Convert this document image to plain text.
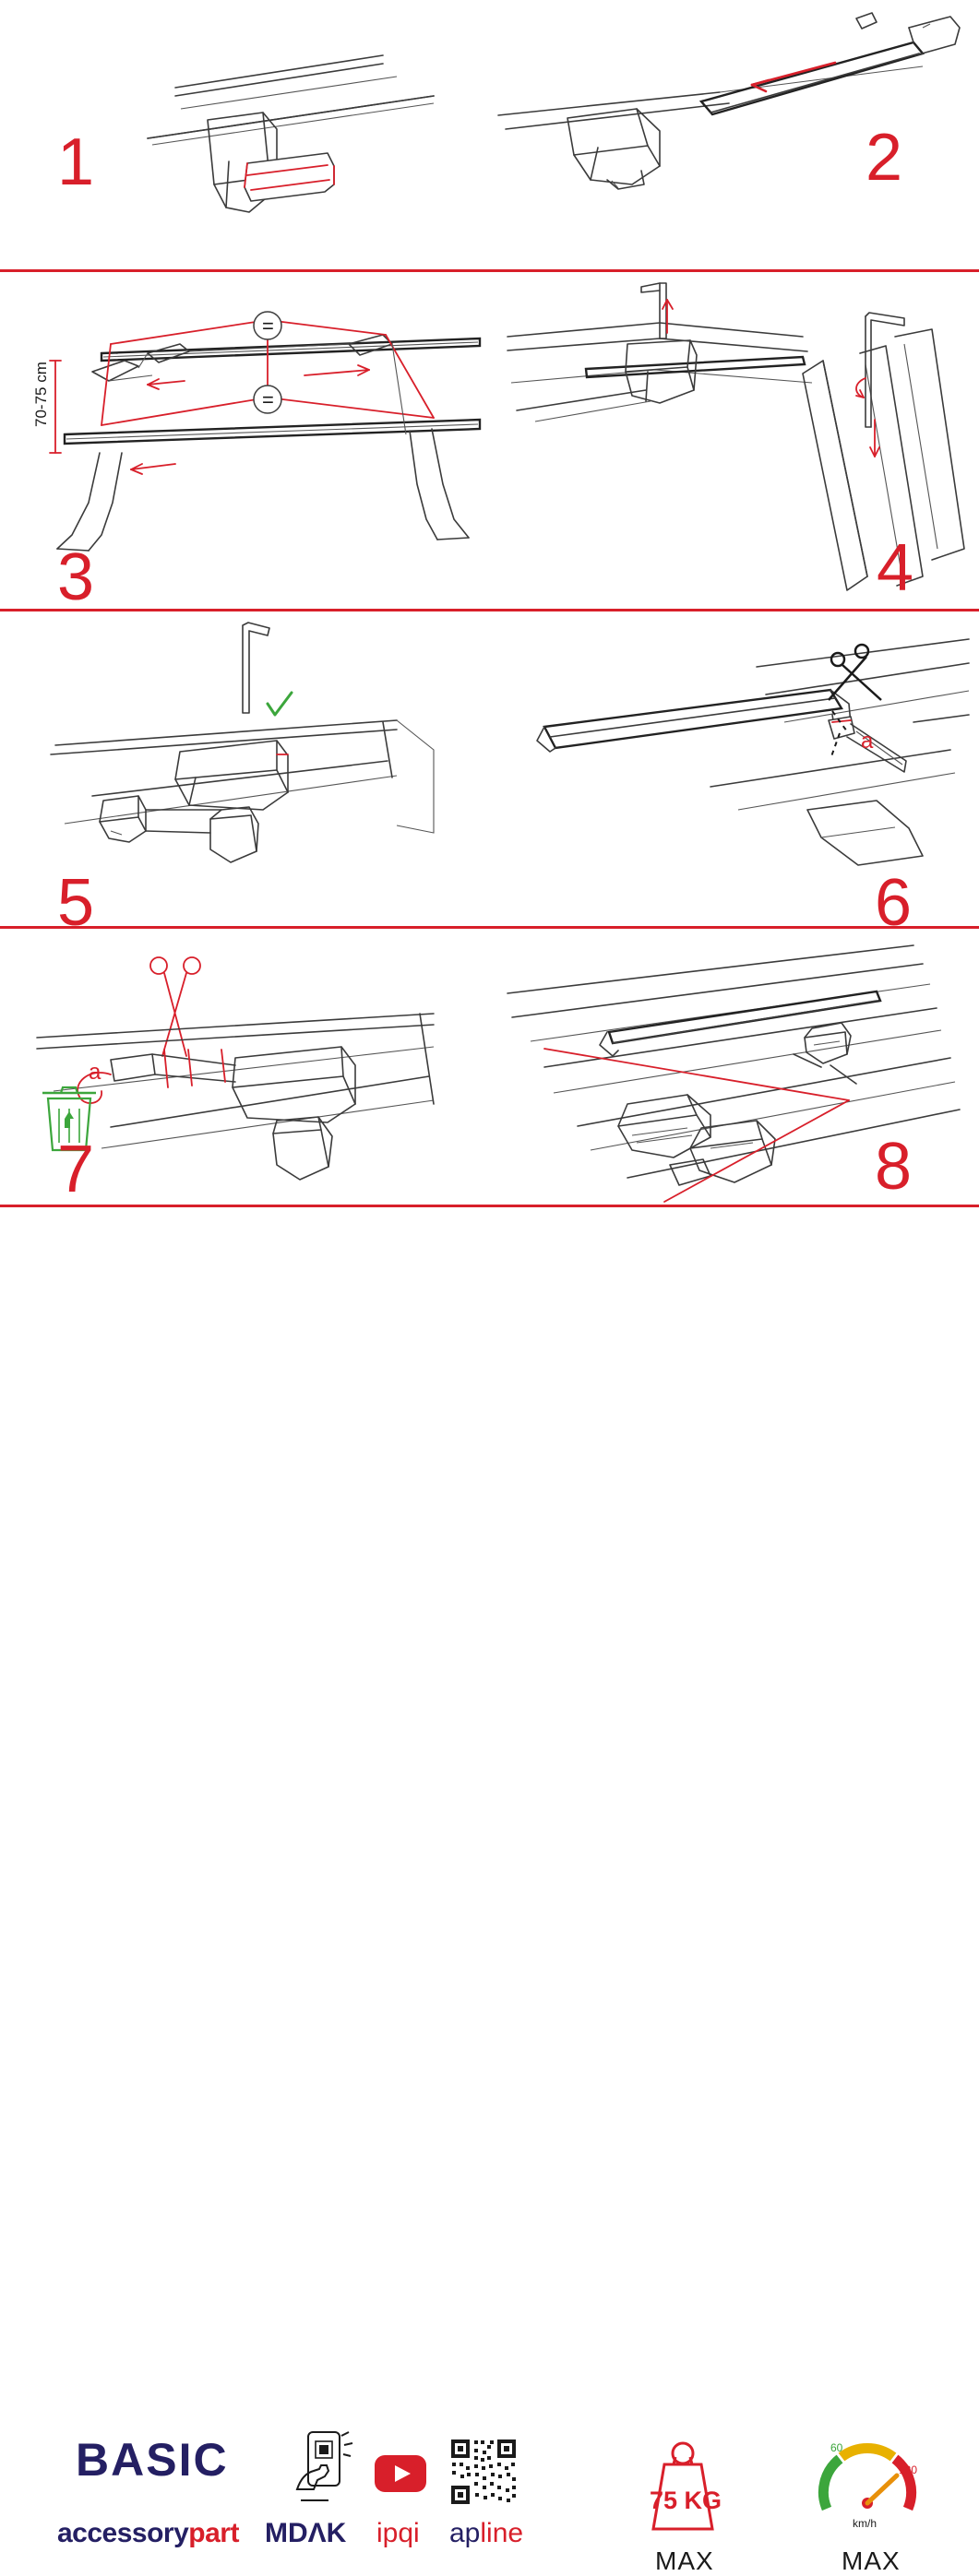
1	2
70-75 cm
=
=
3	4
5
a
6
a
7	8
BASIC
accessorypart MDΛK ipqi apline
75 KG
MAX
60
120
km/h
MAX
